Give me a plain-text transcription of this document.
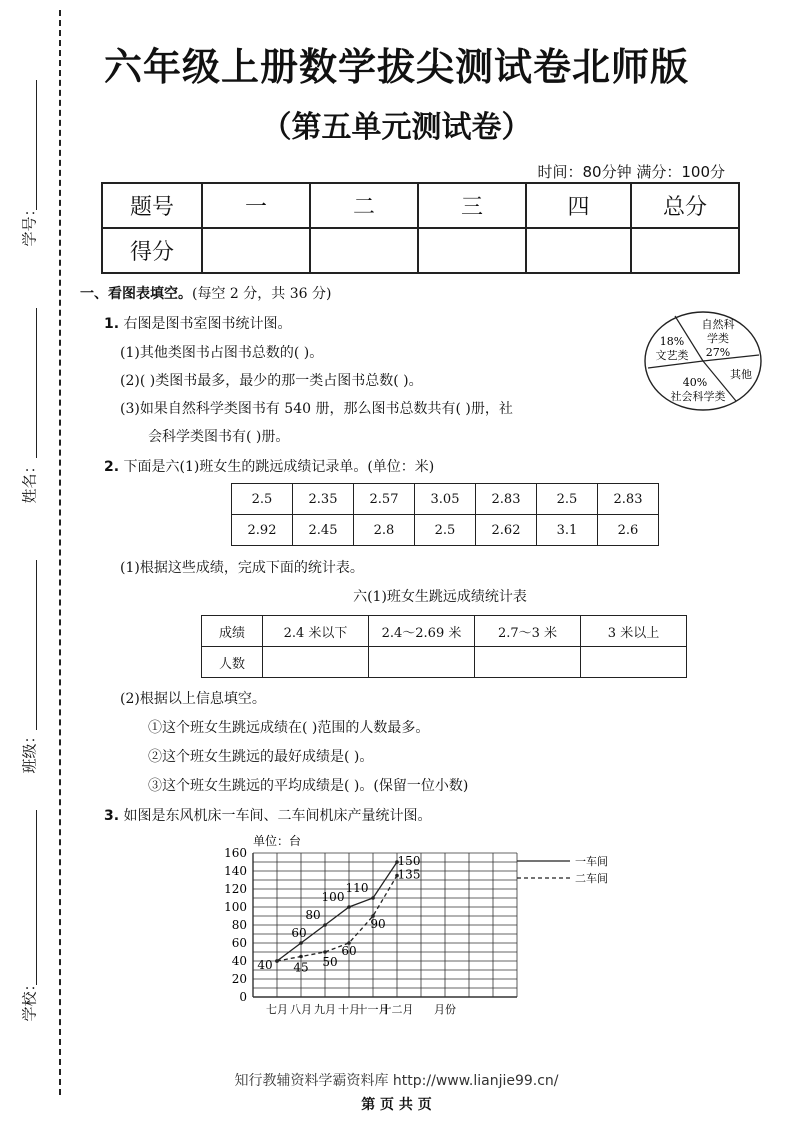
学号：
姓名：
班级：
学校：
六年级上册数学拔尖测试卷北师版
（第五单元测试卷）
时间：80分钟 满分：100分
题号	一	二	三	四	总分
得分					
一、看图表填空。(每空 2 分，共 36 分)
1. 右图是图书室图书统计图。
(1)其他类图书占图书总数的( )。
(2)( )类图书最多，最少的那一类占图书总数( )。
(3)如果自然科学类图书有 540 册，那么图书总数共有( )册，社
会科学类图书有( )册。
自然科
学类
27%
18%
文艺类
其他
40%
社会科学类
2. 下面是六(1)班女生的跳远成绩记录单。(单位：米)
2.5	2.35	2.57	3.05	2.83	2.5	2.83
2.92	2.45	2.8	2.5	2.62	3.1	2.6
(1)根据这些成绩，完成下面的统计表。
六(1)班女生跳远成绩统计表
成绩	2.4 米以下	2.4～2.69 米	2.7～3 米	3 米以上
人数				
(2)根据以上信息填空。
①这个班女生跳远成绩在( )范围的人数最多。
②这个班女生跳远的最好成绩是( )。
③这个班女生跳远的平均成绩是( )。(保留一位小数)
3. 如图是东风机床一车间、二车间机床产量统计图。
单位：台
0
20
40
60
80
100
120
140
160
七月 八月 九月 十月
十一月
十二月 月份
40
60
80
100
110
150	一车间
45 50
60
90
135	二车间
知行教辅资料学霸资料库 http://www.lianjie99.cn/
第 页 共 页
